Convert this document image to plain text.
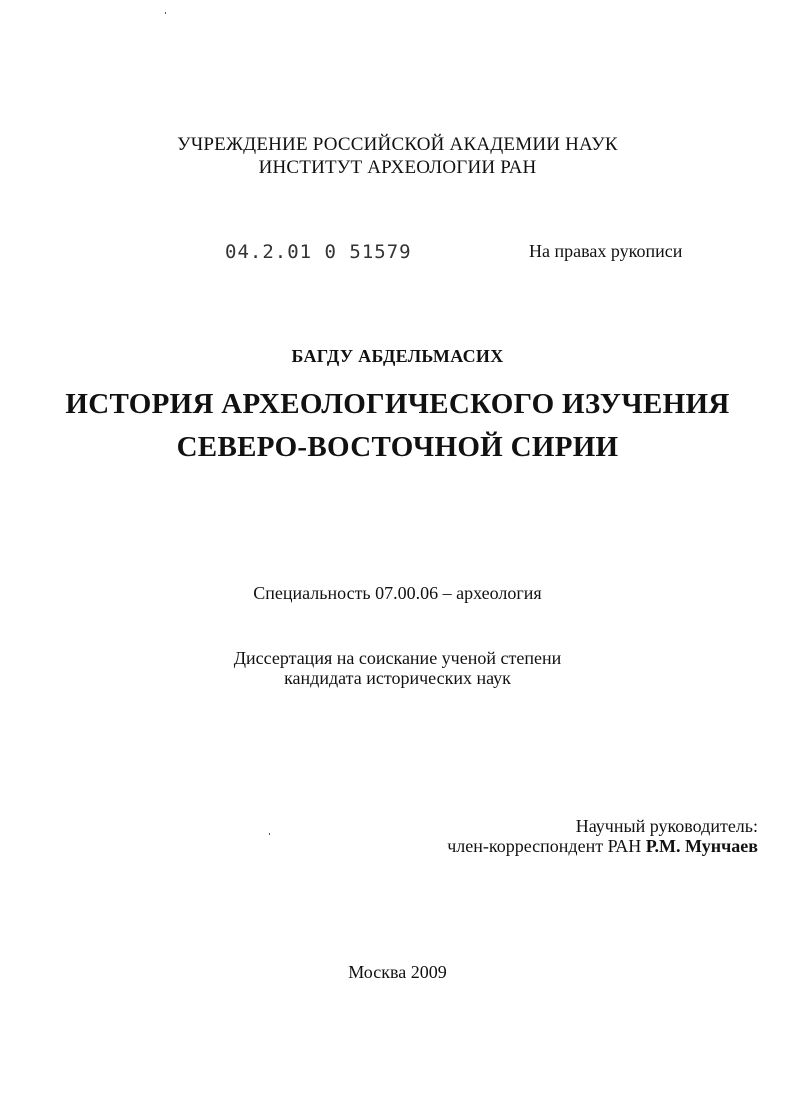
УЧРЕЖДЕНИЕ РОССИЙСКОЙ АКАДЕМИИ НАУК
ИНСТИТУТ АРХЕОЛОГИИ РАН
04.2.01 0 51579	На правах рукописи
БАГДУ АБДЕЛЬМАСИХ
ИСТОРИЯ АРХЕОЛОГИЧЕСКОГО ИЗУЧЕНИЯ
СЕВЕРО-ВОСТОЧНОЙ СИРИИ
Специальность 07.00.06 – археология
Диссертация на соискание ученой степени
кандидата исторических наук
Научный руководитель:
член-корреспондент РАН Р.М. Мунчаев
Москва 2009
